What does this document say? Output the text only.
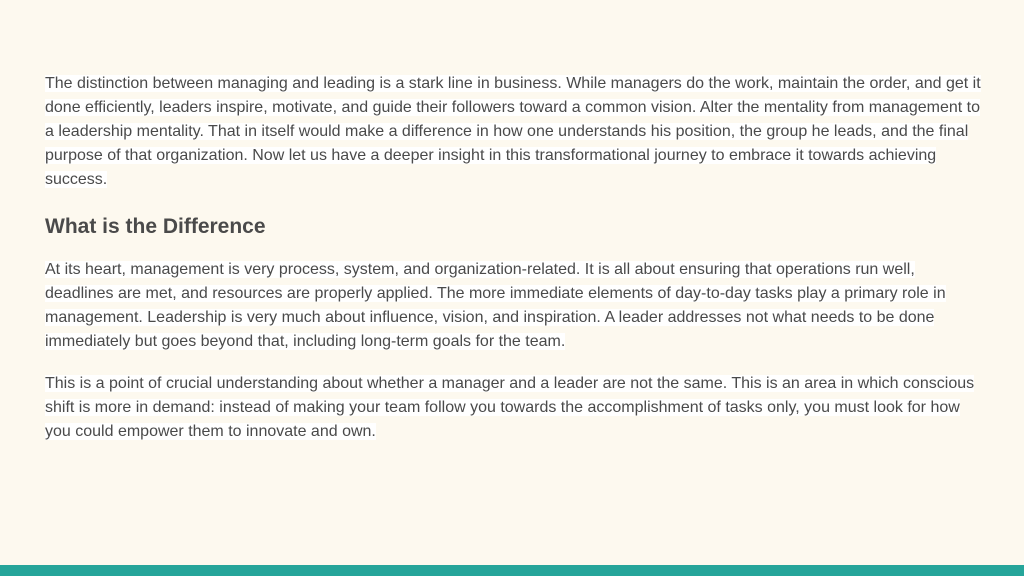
The distinction between managing and leading is a stark line in business. While managers do the work, maintain the order, and get it done efficiently, leaders inspire, motivate, and guide their followers toward a common vision. Alter the mentality from management to a leadership mentality. That in itself would make a difference in how one understands his position, the group he leads, and the final purpose of that organization. Now let us have a deeper insight in this transformational journey to embrace it towards achieving success.

What is the Difference

At its heart, management is very process, system, and organization-related. It is all about ensuring that operations run well, deadlines are met, and resources are properly applied. The more immediate elements of day-to-day tasks play a primary role in management. Leadership is very much about influence, vision, and inspiration. A leader addresses not what needs to be done immediately but goes beyond that, including long-term goals for the team.

This is a point of crucial understanding about whether a manager and a leader are not the same. This is an area in which conscious shift is more in demand: instead of making your team follow you towards the accomplishment of tasks only, you must look for how you could empower them to innovate and own.
